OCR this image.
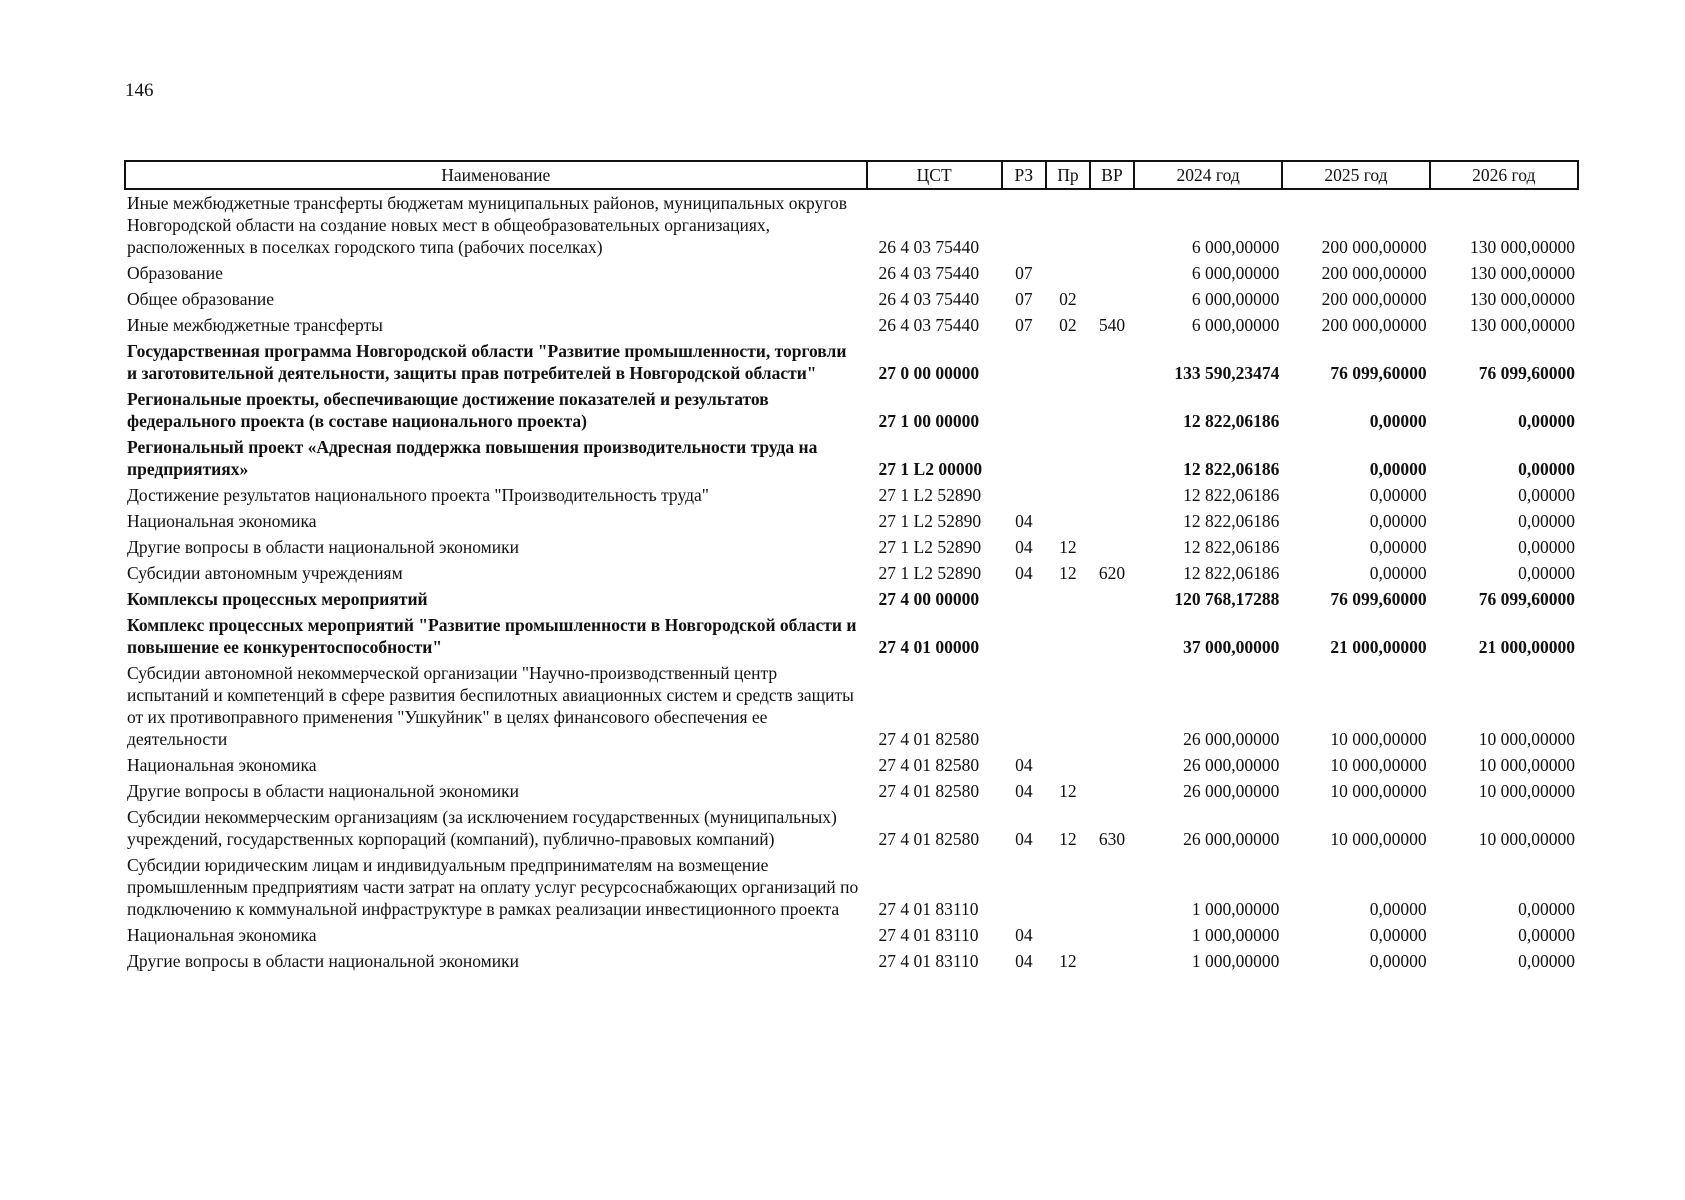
146
Наименование	ЦСТ	РЗ	Пр	ВР	2024 год	2025 год	2026 год
Иные межбюджетные трансферты бюджетам муниципальных районов, муниципальных округов Новгородской области на создание новых мест в общеобразовательных организациях, расположенных в поселках городского типа (рабочих поселках)	26 4 03 75440				6 000,00000	200 000,00000	130 000,00000
Образование	26 4 03 75440	07			6 000,00000	200 000,00000	130 000,00000
Общее образование	26 4 03 75440	07	02		6 000,00000	200 000,00000	130 000,00000
Иные межбюджетные трансферты	26 4 03 75440	07	02	540	6 000,00000	200 000,00000	130 000,00000
Государственная программа Новгородской области "Развитие промышленности, торговли и заготовительной деятельности, защиты прав потребителей в Новгородской области"	27 0 00 00000				133 590,23474	76 099,60000	76 099,60000
Региональные проекты, обеспечивающие достижение показателей и результатов федерального проекта (в составе национального проекта)	27 1 00 00000				12 822,06186	0,00000	0,00000
Региональный проект «Адресная поддержка повышения производительности труда на предприятиях»	27 1 L2 00000				12 822,06186	0,00000	0,00000
Достижение результатов национального проекта "Производительность труда"	27 1 L2 52890				12 822,06186	0,00000	0,00000
Национальная экономика	27 1 L2 52890	04			12 822,06186	0,00000	0,00000
Другие вопросы в области национальной экономики	27 1 L2 52890	04	12		12 822,06186	0,00000	0,00000
Субсидии автономным учреждениям	27 1 L2 52890	04	12	620	12 822,06186	0,00000	0,00000
Комплексы процессных мероприятий	27 4 00 00000				120 768,17288	76 099,60000	76 099,60000
Комплекс процессных мероприятий "Развитие промышленности в Новгородской области и повышение ее конкурентоспособности"	27 4 01 00000				37 000,00000	21 000,00000	21 000,00000
Субсидии автономной некоммерческой организации "Научно-производственный центр испытаний и компетенций в сфере развития беспилотных авиационных систем и средств защиты от их противоправного применения "Ушкуйник" в целях финансового обеспечения ее деятельности	27 4 01 82580				26 000,00000	10 000,00000	10 000,00000
Национальная экономика	27 4 01 82580	04			26 000,00000	10 000,00000	10 000,00000
Другие вопросы в области национальной экономики	27 4 01 82580	04	12		26 000,00000	10 000,00000	10 000,00000
Субсидии некоммерческим организациям (за исключением государственных (муниципальных) учреждений, государственных корпораций (компаний), публично-правовых компаний)	27 4 01 82580	04	12	630	26 000,00000	10 000,00000	10 000,00000
Субсидии юридическим лицам и индивидуальным предпринимателям на возмещение промышленным предприятиям части затрат на оплату услуг ресурсоснабжающих организаций по подключению к коммунальной инфраструктуре в рамках реализации инвестиционного проекта	27 4 01 83110				1 000,00000	0,00000	0,00000
Национальная экономика	27 4 01 83110	04			1 000,00000	0,00000	0,00000
Другие вопросы в области национальной экономики	27 4 01 83110	04	12		1 000,00000	0,00000	0,00000
